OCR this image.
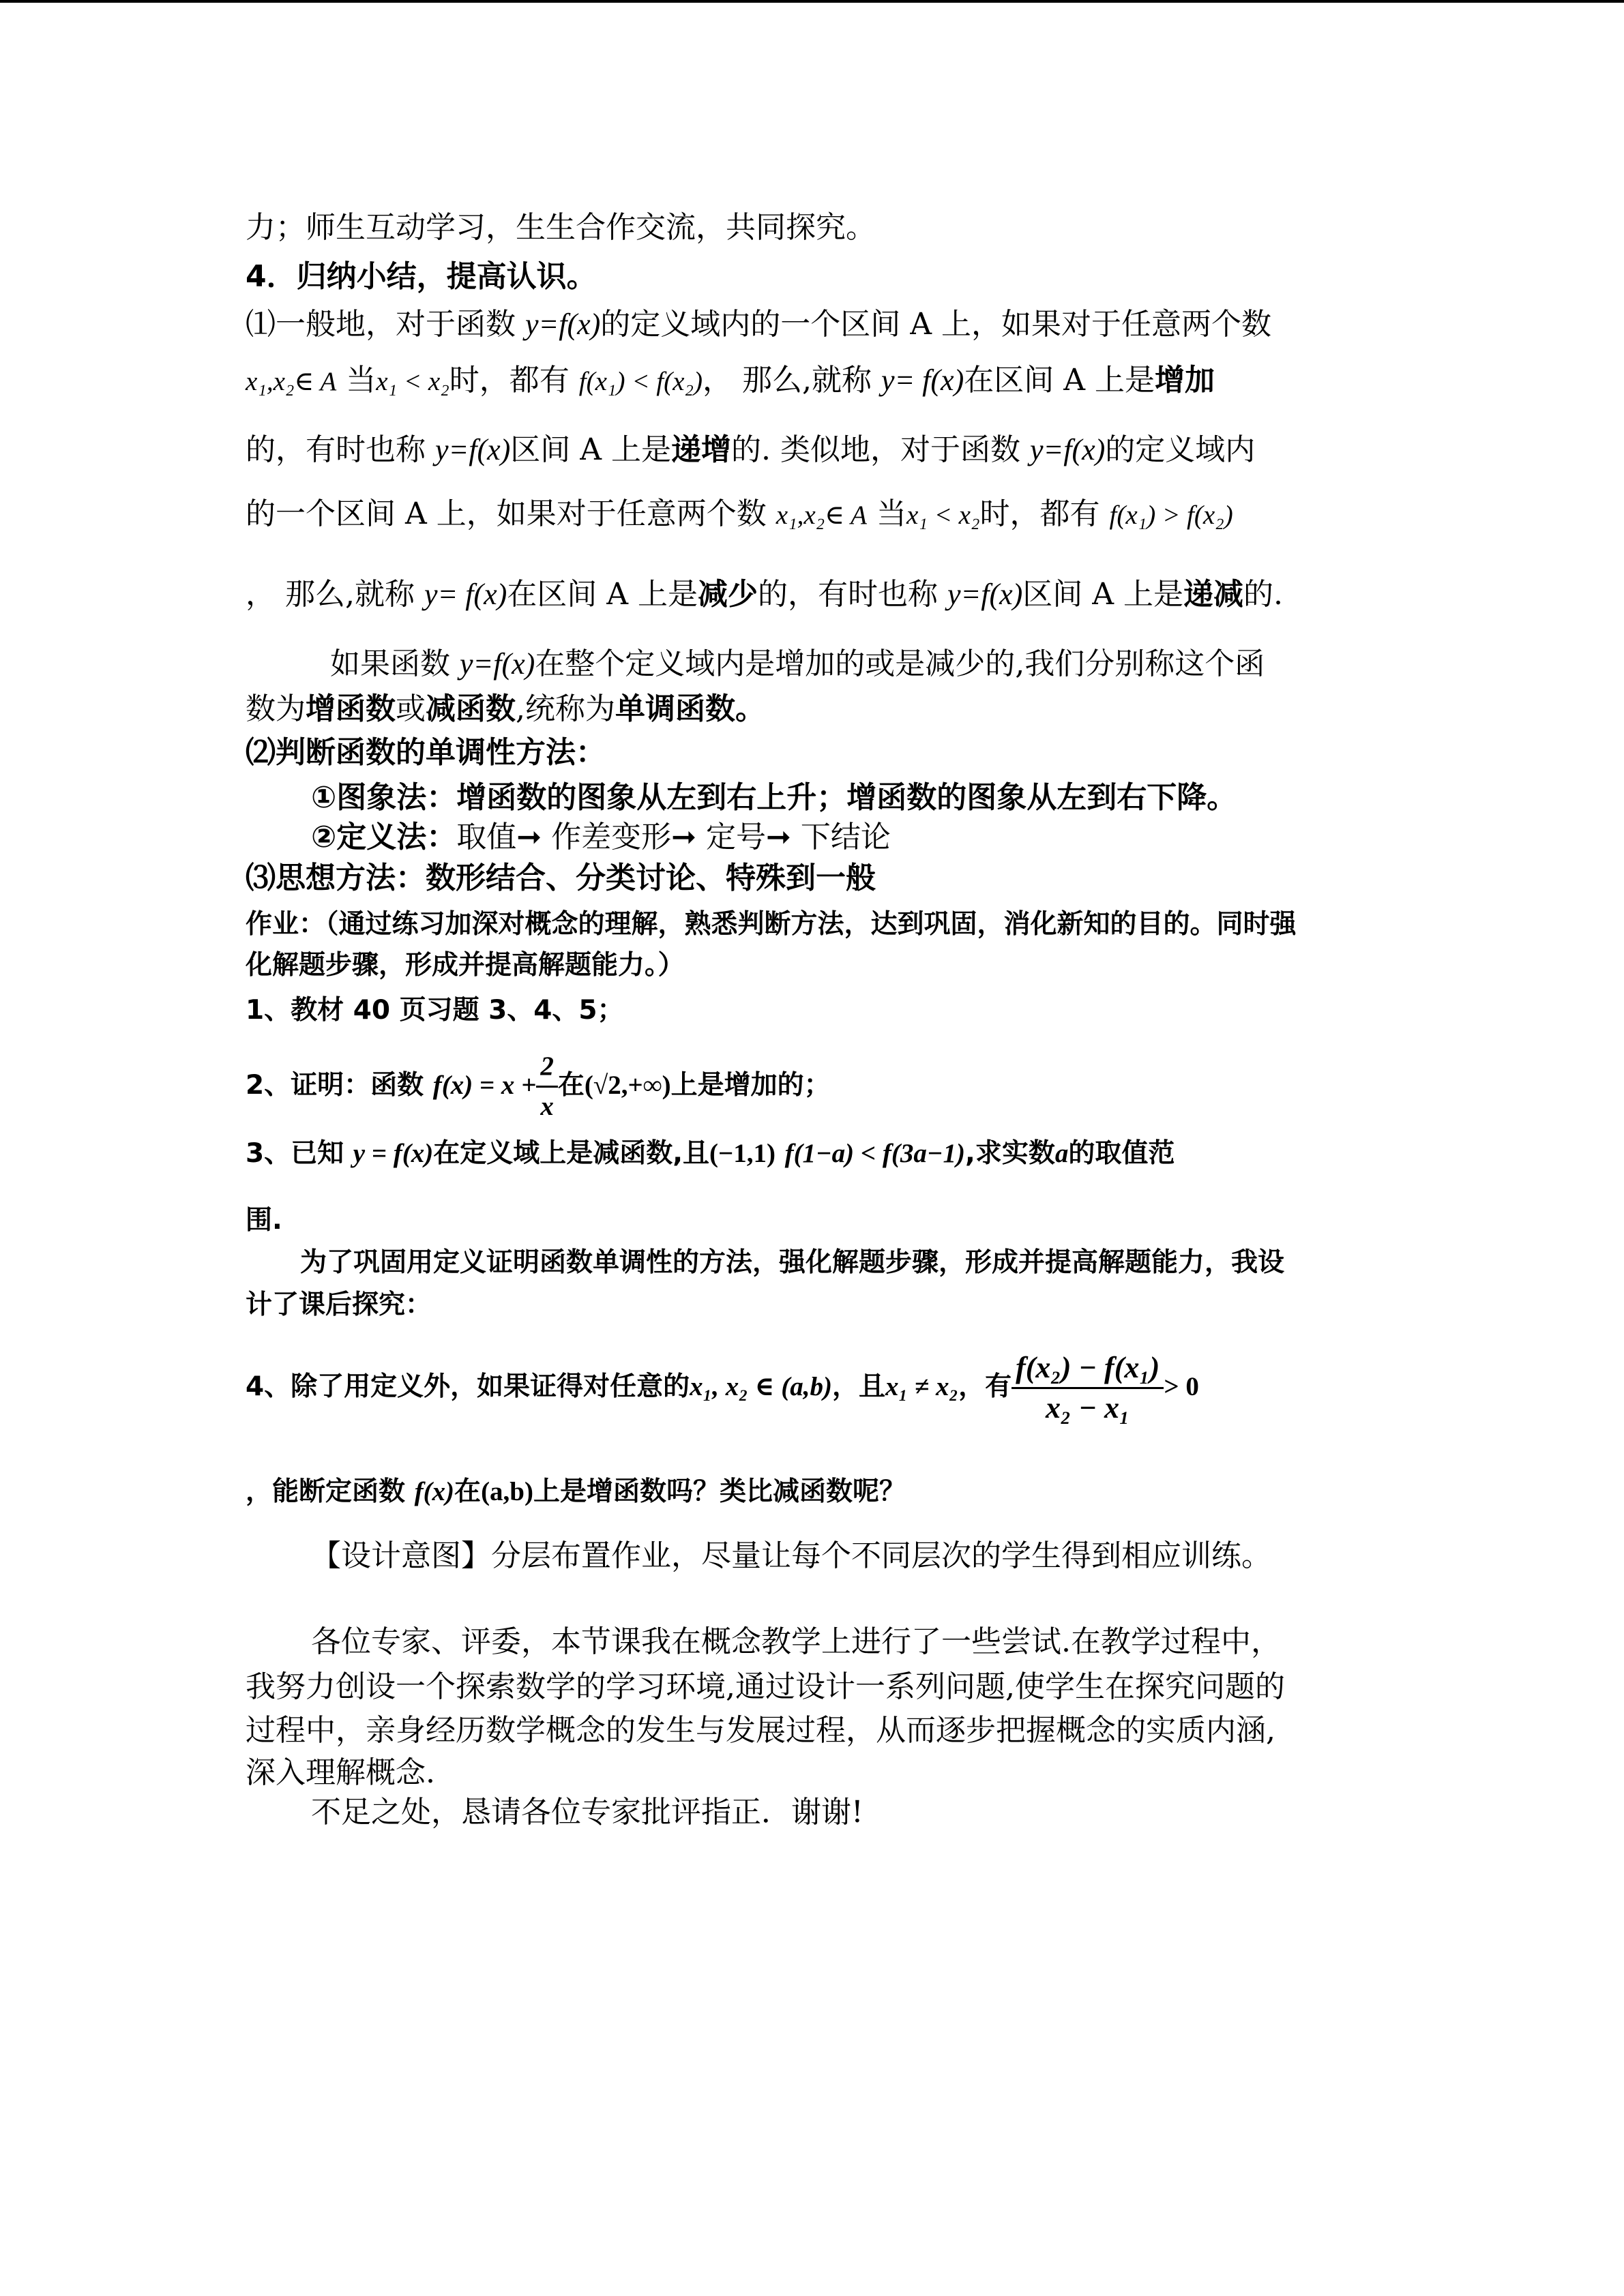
力；师生互动学习，生生合作交流，共同探究。
4．归纳小结，提高认识。
⑴一般地，对于函数 y=f(x)的定义域内的一个区间 A 上，如果对于任意两个数
x₁,x₂∈ A 当x₁ < x₂时，都有 f(x₁) < f(x₂)， 那么,就称 y= f(x)在区间 A 上是增加
的，有时也称 y=f(x)区间 A 上是递增的. 类似地，对于函数 y=f(x)的定义域内
的一个区间 A 上，如果对于任意两个数 x₁,x₂∈ A 当x₁ < x₂时，都有 f(x₁) > f(x₂)
， 那么,就称 y= f(x)在区间 A 上是减少的，有时也称 y=f(x)区间 A 上是递减的.
如果函数 y=f(x)在整个定义域内是增加的或是减少的,我们分别称这个函
数为增函数或减函数,统称为单调函数。
⑵判断函数的单调性方法：
①图象法：增函数的图象从左到右上升；增函数的图象从左到右下降。
②定义法：取值➞ 作差变形➞ 定号➞ 下结论
⑶思想方法：数形结合、分类讨论、特殊到一般
作业：（通过练习加深对概念的理解，熟悉判断方法，达到巩固，消化新知的目的。同时强
化解题步骤，形成并提高解题能力。）
1、教材 40 页习题 3、4、5；
2、证明：函数 $f(x) = x + \frac{2}{x}$ 在(√2,+∞)上是增加的；
3、已知 y = f(x)在定义域上是减函数,且(−1,1) f(1−a) < f(3a−1),求实数a的取值范
围.
为了巩固用定义证明函数单调性的方法，强化解题步骤，形成并提高解题能力，我设
计了课后探究：
4、除了用定义外，如果证得对任意的x₁, x₂ ∈ (a,b)，且x₁ ≠ x₂，有 $\frac{\text{f(x₂) − f(x₁)}}{\text{x₂ − x₁}} > 0$
，能断定函数 f(x)在(a,b)上是增函数吗？类比减函数呢？
【设计意图】分层布置作业，尽量让每个不同层次的学生得到相应训练。
各位专家、评委，本节课我在概念教学上进行了一些尝试.在教学过程中，
我努力创设一个探索数学的学习环境,通过设计一系列问题,使学生在探究问题的
过程中，亲身经历数学概念的发生与发展过程，从而逐步把握概念的实质内涵,
深入理解概念.
不足之处，恳请各位专家批评指正．谢谢!
